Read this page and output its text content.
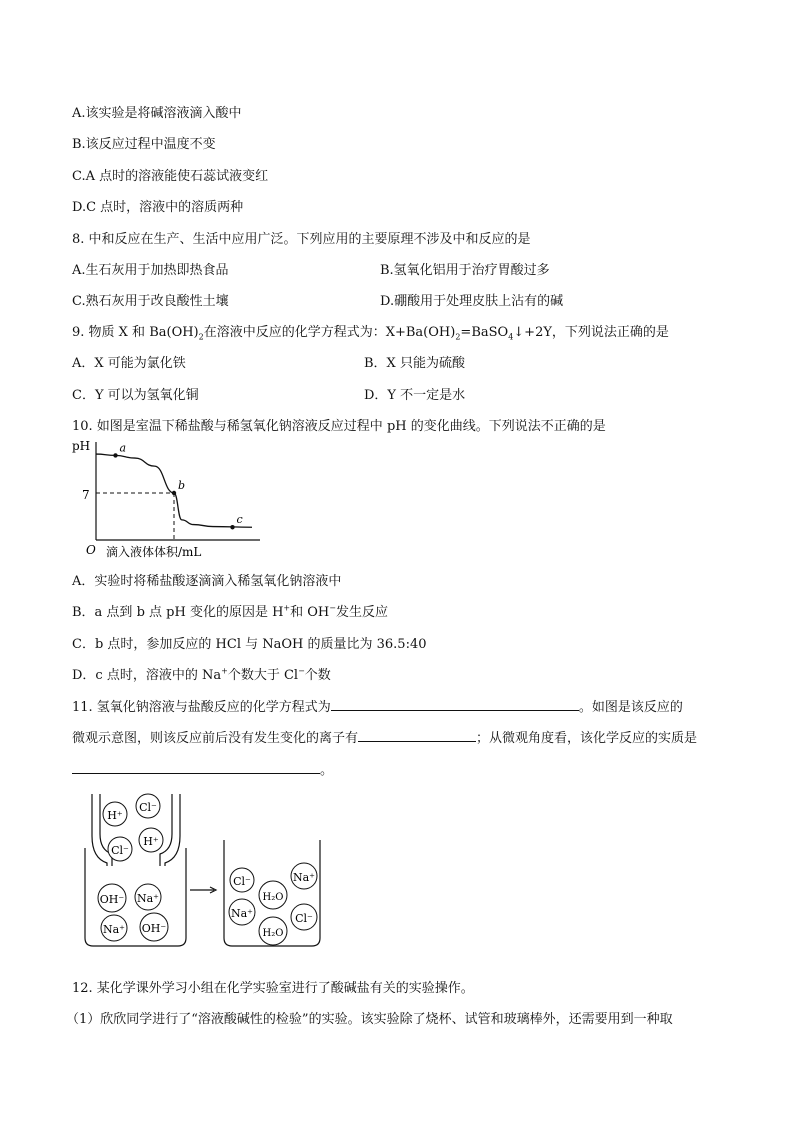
A.该实验是将碱溶液滴入酸中
B.该反应过程中温度不变
C.A 点时的溶液能使石蕊试液变红
D.C 点时，溶液中的溶质两种
8. 中和反应在生产、生活中应用广泛。下列应用的主要原理不涉及中和反应的是
A.生石灰用于加热即热食品	B.氢氧化铝用于治疗胃酸过多
C.熟石灰用于改良酸性土壤	D.硼酸用于处理皮肤上沾有的碱
9. 物质 X 和 $Ba(OH)_2$在溶液中反应的化学方程式为：$X+Ba(OH)_2=BaSO_4↓+2Y$，下列说法正确的是
A．X 可能为氯化铁	B．X 只能为硫酸
C．Y 可以为氢氧化铜	D．Y 不一定是水
10. 如图是室温下稀盐酸与稀氢氧化钠溶液反应过程中 pH 的变化曲线。下列说法不正确的是
pH
7
O 滴入液体体积/mL
a
b
c
A．实验时将稀盐酸逐滴滴入稀氢氧化钠溶液中
B．a 点到 b 点 pH 变化的原因是 H+和 OH−发生反应
C．b 点时，参加反应的 HCl 与 NaOH 的质量比为 36.5:40
D．c 点时，溶液中的 Na+个数大于 Cl−个数
11. 氢氧化钠溶液与盐酸反应的化学方程式为	。如图是该反应的
微观示意图，则该反应前后没有发生变化的离子有	；从微观角度看，该化学反应的实质是
。
H⁺
Cl⁻
Cl⁻
H⁺
OH⁻ Na⁺
Na⁺ OH⁻
Cl⁻
H₂O
Na⁺
Na⁺	Cl⁻
H₂O
12. 某化学课外学习小组在化学实验室进行了酸碱盐有关的实验操作。
（1）欣欣同学进行了“溶液酸碱性的检验”的实验。该实验除了烧杯、试管和玻璃棒外，还需要用到一种取
